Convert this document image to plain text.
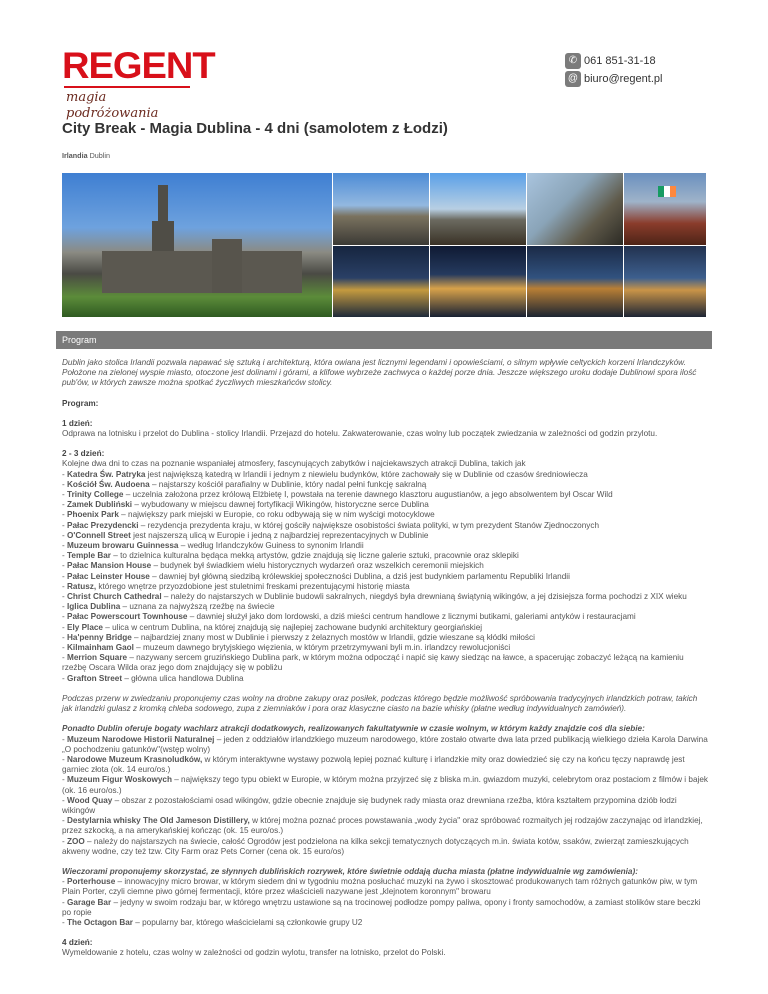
REGENT
magia podróżowania
✆ 061 851-31-18
@ biuro@regent.pl
City Break - Magia Dublina - 4 dni (samolotem z Łodzi)
Irlandia Dublin
Program

Dublin jako stolica Irlandii pozwala napawać się sztuką i architekturą, która owiana jest licznymi legendami i opowieściami, o silnym wpływie celtyckich korzeni Irlandczyków. Położone na zielonej wyspie miasto, otoczone jest dolinami i górami, a klifowe wybrzeże zachwyca o każdej porze dnia. Jeszcze większego uroku dodaje Dublinowi spora ilość pub'ów, w których zawsze można spotkać życzliwych mieszkańców stolicy.

Program:

1 dzień:

Odprawa na lotnisku i przelot do Dublina - stolicy Irlandii. Przejazd do hotelu. Zakwaterowanie, czas wolny lub początek zwiedzania w zależności od godzin przylotu.

2 - 3 dzień:

Kolejne dwa dni to czas na poznanie wspaniałej atmosfery, fascynujących zabytków i najciekawszych atrakcji Dublina, takich jak

- Katedra Św. Patryka jest największą katedrą w Irlandii i jednym z niewielu budynków, które zachowały się w Dublinie od czasów średniowiecza

- Kościół Św. Audoena – najstarszy kościół parafialny w Dublinie, który nadal pełni funkcję sakralną

- Trinity College – uczelnia założona przez królową Elżbietę I, powstała na terenie dawnego klasztoru augustianów, a jego absolwentem był Oscar Wild

- Zamek Dubliński – wybudowany w miejscu dawnej fortyfikacji Wikingów, historyczne serce Dublina

- Phoenix Park – największy park miejski w Europie, co roku odbywają się w nim wyścigi motocyklowe

- Pałac Prezydencki – rezydencja prezydenta kraju, w której gościły największe osobistości świata polityki, w tym prezydent Stanów Zjednoczonych

- O'Connell Street jest najszerszą ulicą w Europie i jedną z najbardziej reprezentacyjnych w Dublinie

- Muzeum browaru Guinnessa – według Irlandczyków Guiness to synonim Irlandii

- Temple Bar – to dzielnica kulturalna będąca mekką artystów, gdzie znajdują się liczne galerie sztuki, pracownie oraz sklepiki

- Pałac Mansion House – budynek był świadkiem wielu historycznych wydarzeń oraz wszelkich ceremonii miejskich

- Pałac Leinster House – dawniej był główną siedzibą królewskiej społeczności Dublina, a dziś jest budynkiem parlamentu Republiki Irlandii

- Ratusz, którego wnętrze przyozdobione jest stuletnimi freskami prezentującymi historię miasta

- Christ Church Cathedral – należy do najstarszych w Dublinie budowli sakralnych, niegdyś była drewnianą świątynią wikingów, a jej dzisiejsza forma pochodzi z XIX wieku

- Iglica Dublina – uznana za najwyższą rzeźbę na świecie

- Pałac Powerscourt Townhouse – dawniej służył jako dom lordowski, a dziś mieści centrum handlowe z licznymi butikami, galeriami antyków i restauracjami

- Ely Place – ulica w centrum Dublina, na której znajdują się najlepiej zachowane budynki architektury georgiańskiej

- Ha'penny Bridge – najbardziej znany most w Dublinie i pierwszy z żelaznych mostów w Irlandii, gdzie wieszane są kłódki miłości

- Kilmainham Gaol – muzeum dawnego brytyjskiego więzienia, w którym przetrzymywani byli m.in. irlandzcy rewolucjoniści

- Merrion Square – nazywany sercem gruzińskiego Dublina park, w którym można odpocząć i napić się kawy siedząc na ławce, a spacerując zobaczyć leżącą na kamieniu rzeźbę Oscara Wilda oraz jego dom znajdujący się w pobliżu

- Grafton Street – główna ulica handlowa Dublina

Podczas przerw w zwiedzaniu proponujemy czas wolny na drobne zakupy oraz posiłek, podczas którego będzie możliwość spróbowania tradycyjnych irlandzkich potraw, takich jak irlandzki gulasz z kromką chleba sodowego, zupa z ziemniaków i pora oraz klasyczne ciasto na bazie whisky (płatne według indywidualnych zamówień).

Ponadto Dublin oferuje bogaty wachlarz atrakcji dodatkowych, realizowanych fakultatywnie w czasie wolnym, w którym każdy znajdzie coś dla siebie:

- Muzeum Narodowe Historii Naturalnej – jeden z oddziałów irlandzkiego muzeum narodowego, które zostało otwarte dwa lata przed publikacją wielkiego dzieła Karola Darwina „O pochodzeniu gatunków"(wstęp wolny)

- Narodowe Muzeum Krasnoludków, w którym interaktywne wystawy pozwolą lepiej poznać kulturę i irlandzkie mity oraz dowiedzieć się czy na końcu tęczy naprawdę jest garniec złota (ok. 14 euro/os.)

- Muzeum Figur Woskowych – największy tego typu obiekt w Europie, w którym można przyjrzeć się z bliska m.in. gwiazdom muzyki, celebrytom oraz postaciom z filmów i bajek (ok. 16 euro/os.)

- Wood Quay – obszar z pozostałościami osad wikingów, gdzie obecnie znajduje się budynek rady miasta oraz drewniana rzeźba, która kształtem przypomina dziób łodzi wikingów

- Destylarnia whisky The Old Jameson Distillery, w której można poznać proces powstawania „wody życia" oraz spróbować rozmaitych jej rodzajów zaczynając od irlandzkiej, przez szkocką, a na amerykańskiej kończąc (ok. 15 euro/os.)

- ZOO – należy do najstarszych na świecie, całość Ogrodów jest podzielona na kilka sekcji tematycznych dotyczących m.in. świata kotów, ssaków, zwierząt zamieszkujących akweny wodne, czy też tzw. City Farm oraz Pets Corner (cena ok. 15 euro/os)

Wieczorami proponujemy skorzystać, ze słynnych dublińskich rozrywek, które świetnie oddają ducha miasta (płatne indywidualnie wg zamówienia):

- Porterhouse – innowacyjny micro browar, w którym siedem dni w tygodniu można posłuchać muzyki na żywo i skosztować produkowanych tam różnych gatunków piw, w tym Plain Porter, czyli ciemne piwo górnej fermentacji, które przez właścicieli nazywane jest „klejnotem koronnym" browaru

- Garage Bar – jedyny w swoim rodzaju bar, w którego wnętrzu ustawione są na trocinowej podłodze pompy paliwa, opony i fronty samochodów, a zamiast stolików stare beczki po ropie

- The Octagon Bar – popularny bar, którego właścicielami są członkowie grupy U2

4 dzień:

Wymeldowanie z hotelu, czas wolny w zależności od godzin wylotu, transfer na lotnisko, przelot do Polski.
